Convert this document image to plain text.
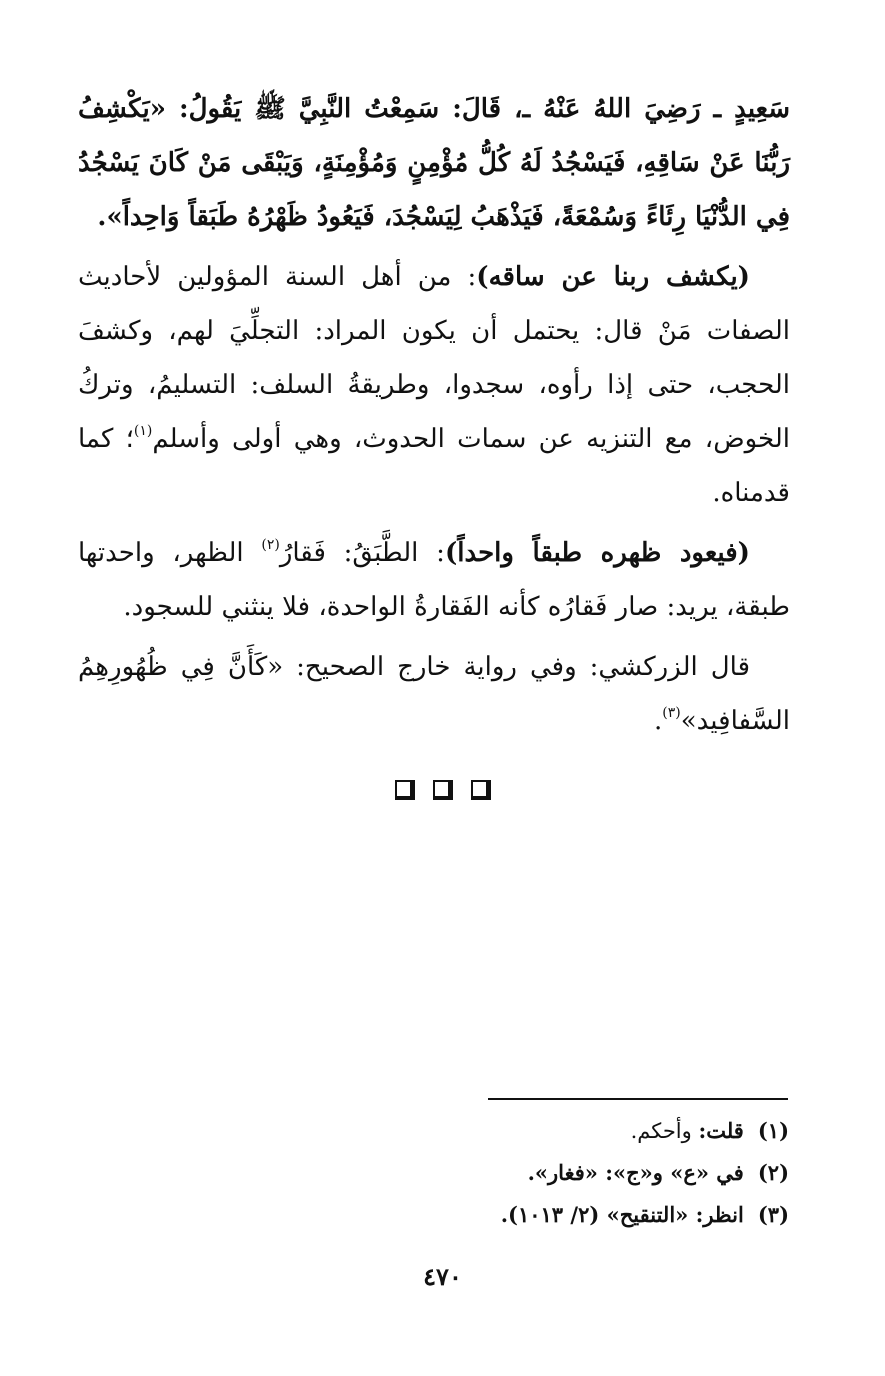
سَعِيدٍ ـ رَضِيَ اللهُ عَنْهُ ـ، قَالَ: سَمِعْتُ النَّبِيَّ ﷺ يَقُولُ: «يَكْشِفُ رَبُّنَا عَنْ سَاقِهِ، فَيَسْجُدُ لَهُ كُلُّ مُؤْمِنٍ وَمُؤْمِنَةٍ، وَيَبْقَى مَنْ كَانَ يَسْجُدُ فِي الدُّنْيَا رِئَاءً وَسُمْعَةً، فَيَذْهَبُ لِيَسْجُدَ، فَيَعُودُ ظَهْرُهُ طَبَقاً وَاحِداً».

(يكشف ربنا عن ساقه): من أهل السنة المؤولين لأحاديث الصفات مَنْ قال: يحتمل أن يكون المراد: التجلِّيَ لهم، وكشفَ الحجب، حتى إذا رأوه، سجدوا، وطريقةُ السلف: التسليمُ، وتركُ الخوض، مع التنزيه عن سمات الحدوث، وهي أولى وأسلم$^{(١)}$؛ كما قدمناه.

(فيعود ظهره طبقاً واحداً): الطَّبَقُ: فَقارُ$^{(٢)}$ الظهر، واحدتها طبقة، يريد: صار فَقارُه كأنه الفَقارةُ الواحدة، فلا ينثني للسجود.

قال الزركشي: وفي رواية خارج الصحيح: «كَأَنَّ فِي ظُهُورِهِمُ السَّفافِيد»$^{(٣)}$.

(١)قلت: وأحكم.
(٢)في «ع» و«ج»: «فغار».
(٣)انظر: «التنقيح» (٢/ ١٠١٣).
٤٧٠
